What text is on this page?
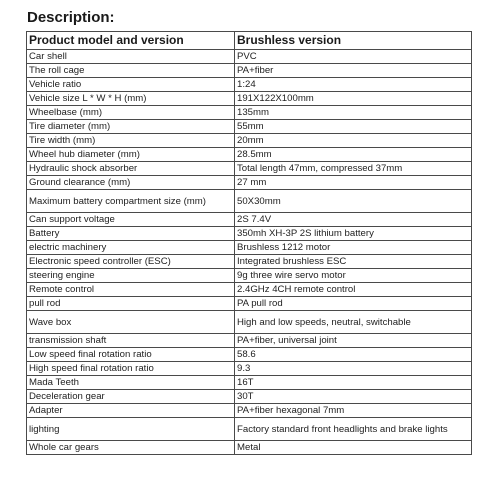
Description:
Product model and version	Brushless version
Car shell	PVC
The roll cage	PA+fiber
Vehicle ratio	1:24
Vehicle size L * W * H (mm)	191X122X100mm
Wheelbase (mm)	135mm
Tire diameter (mm)	55mm
Tire width (mm)	20mm
Wheel hub diameter (mm)	28.5mm
Hydraulic shock absorber	Total length 47mm, compressed 37mm
Ground clearance (mm)	27 mm
Maximum battery compartment size (mm)	50X30mm
Can support voltage	2S 7.4V
Battery	350mh XH-3P 2S lithium battery
electric machinery	Brushless 1212 motor
Electronic speed controller (ESC)	Integrated brushless ESC
steering engine	9g three wire servo motor
Remote control	2.4GHz 4CH remote control
pull rod	PA pull rod
Wave box	High and low speeds, neutral, switchable
transmission shaft	PA+fiber, universal joint
Low speed final rotation ratio	58.6
High speed final rotation ratio	9.3
Mada Teeth	16T
Deceleration gear	30T
Adapter	PA+fiber hexagonal 7mm
lighting	Factory standard front headlights and brake lights
Whole car gears	Metal
